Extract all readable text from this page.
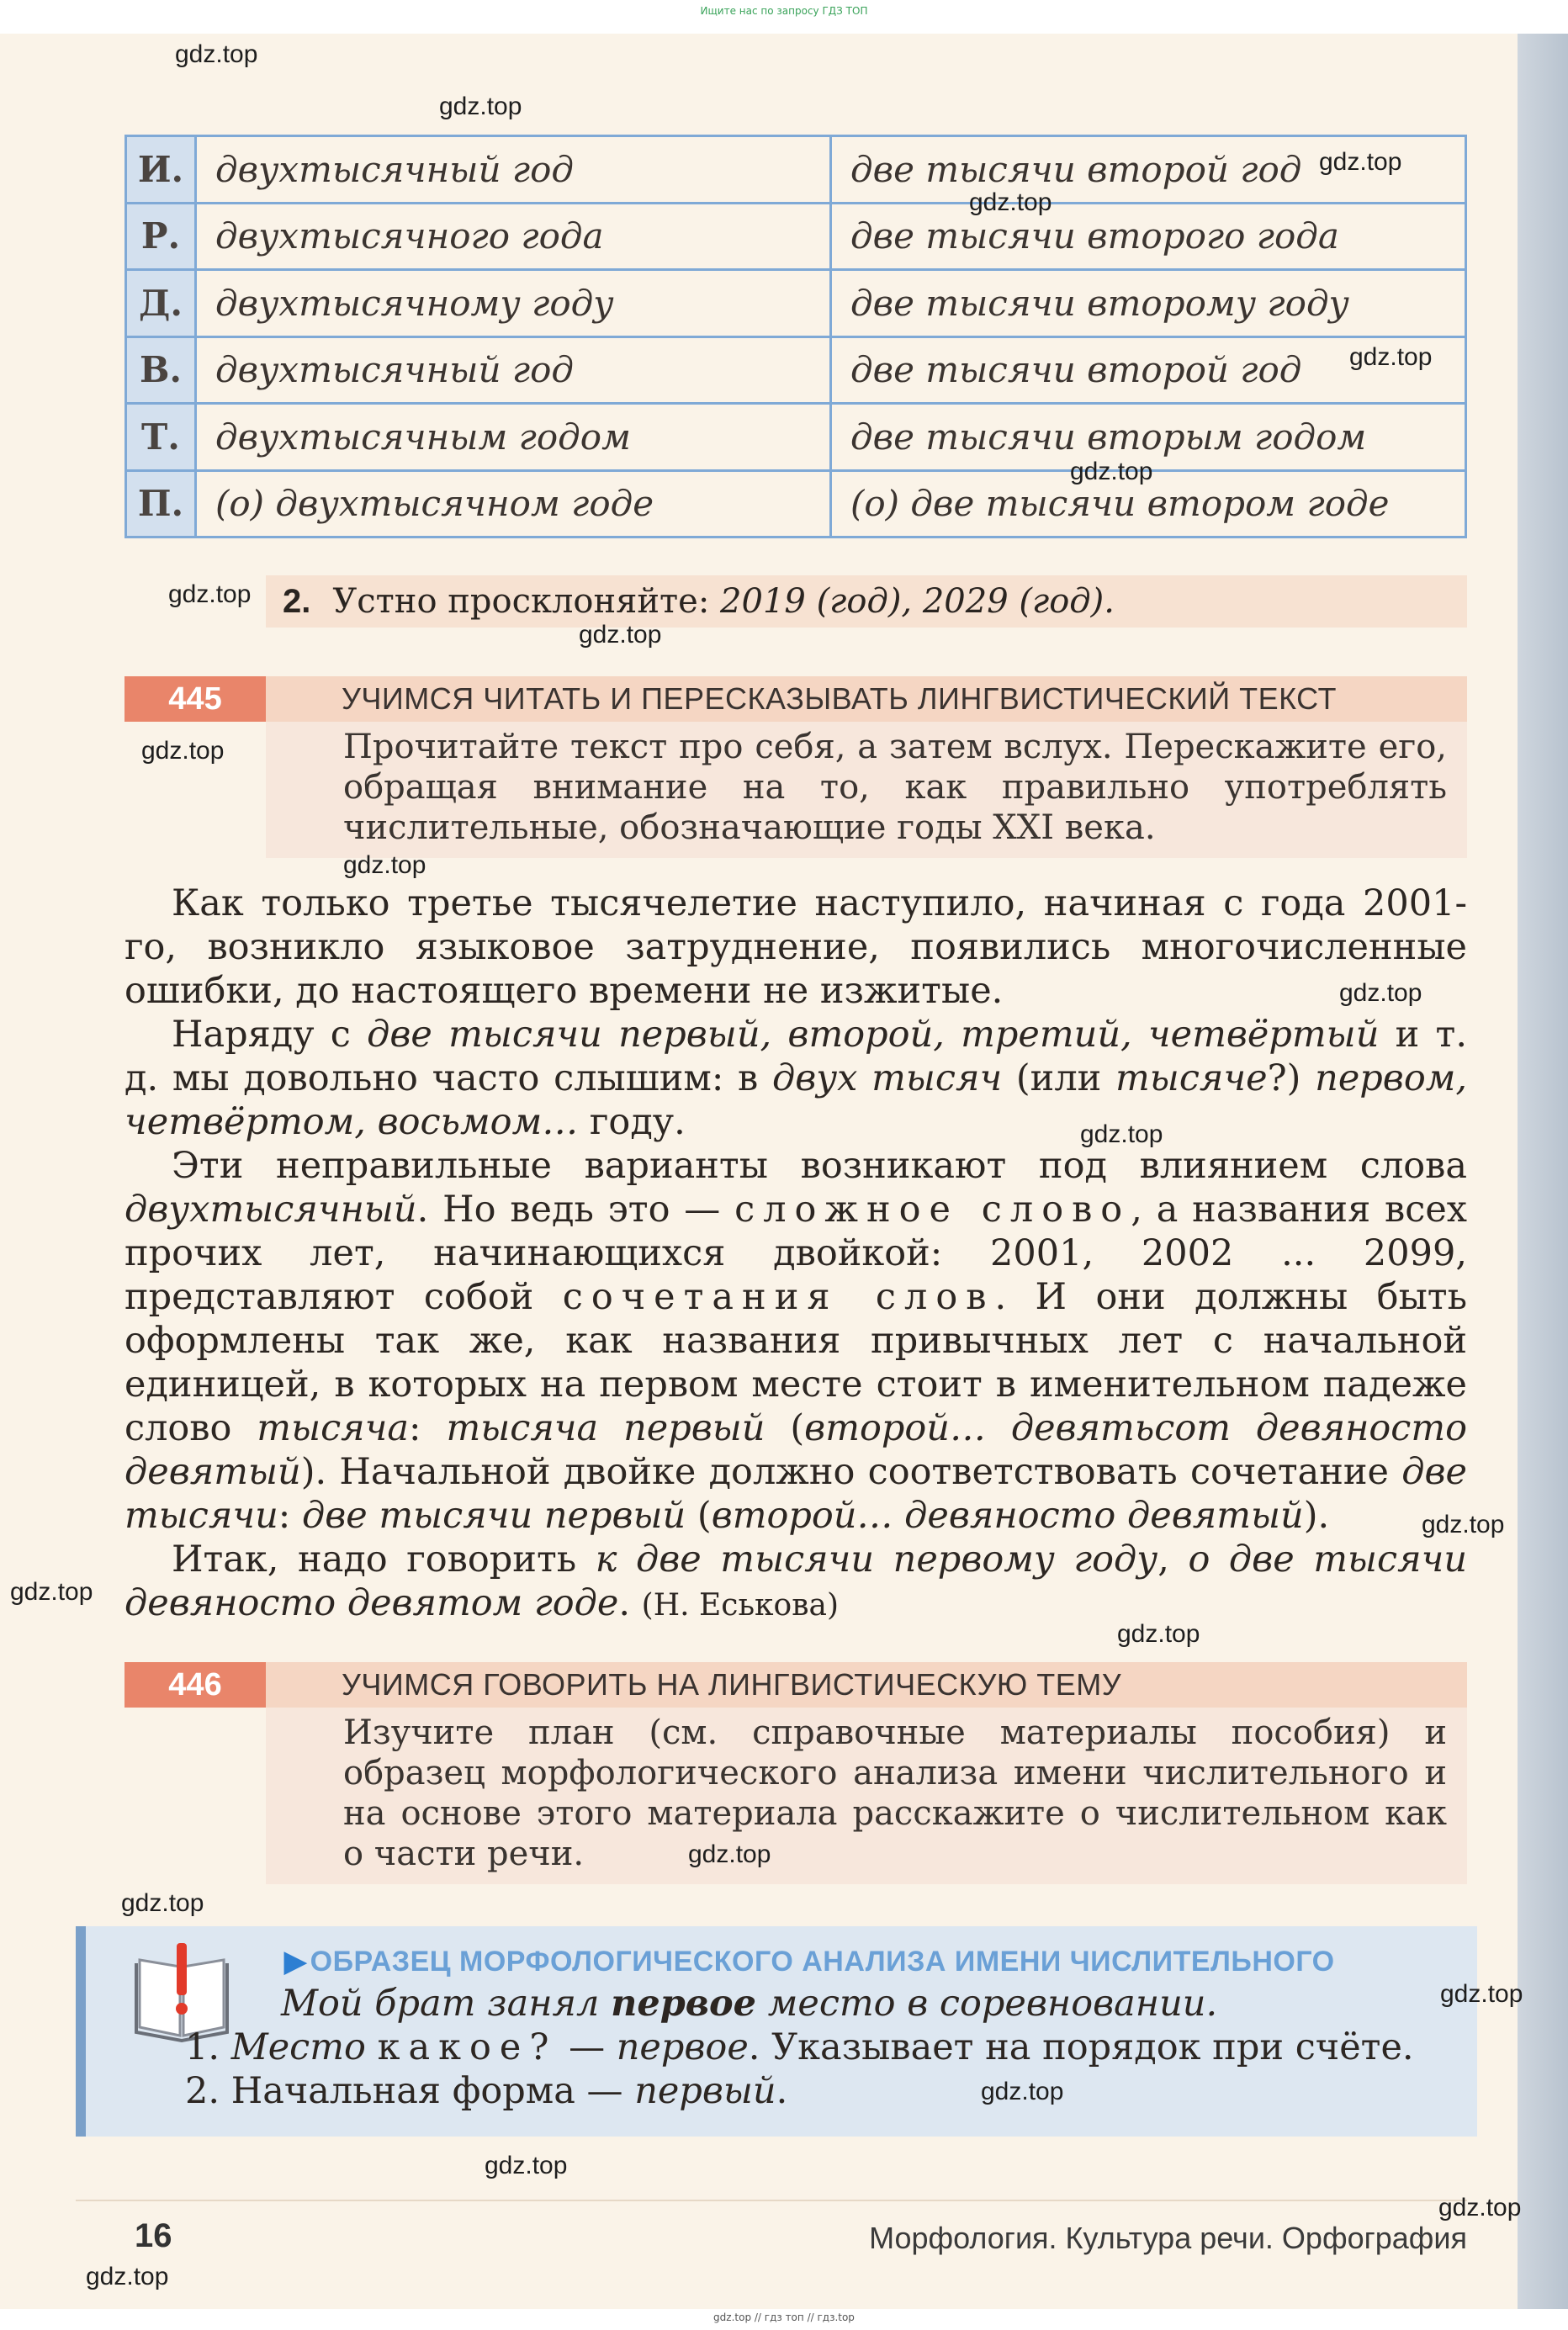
Ищите нас по запросу ГДЗ ТОП
И.	двухтысячный год	две тысячи второй год
Р.	двухтысячного года	две тысячи второго года
Д.	двухтысячному году	две тысячи второму году
В.	двухтысячный год	две тысячи второй год
Т.	двухтысячным годом	две тысячи вторым годом
П.	(о) двухтысячном годе	(о) две тысячи втором годе
2. Устно просклоняйте:
2019
(год),
2029
(год).
445	УЧИМСЯ ЧИТАТЬ И ПЕРЕСКАЗЫВАТЬ ЛИНГВИСТИЧЕСКИЙ ТЕКСТ

Прочитайте текст про себя, а затем вслух. Перескажите его, обращая внимание на то, как правильно употреблять числительные, обозначающие годы XXI века.

Как только третье тысячелетие наступило, начиная с года 2001-го, возникло языковое затруднение, появились многочисленные ошибки, до настоящего времени не изжитые.

Наряду с две тысячи первый, второй, третий, четвёртый и т. д. мы довольно часто слышим: в двух тысяч (или тысяче?) первом, четвёртом, восьмом… году.

Эти неправильные варианты возникают под влиянием слова двухтысячный. Но ведь это — сложное слово, а названия всех прочих лет, начинающихся двойкой: 2001, 2002 ... 2099, представляют собой сочетания слов. И они должны быть оформлены так же, как названия привычных лет с начальной единицей, в которых на первом месте стоит в именительном падеже слово тысяча: тысяча первый (второй… девятьсот девяносто девятый). Начальной двойке должно соответствовать сочетание две тысячи: две тысячи первый (второй… девяносто девятый).

Итак, надо говорить к две тысячи первому году, о две тысячи девяносто девятом годе. (Н. Еськова)

446	УЧИМСЯ ГОВОРИТЬ НА ЛИНГВИСТИЧЕСКУЮ ТЕМУ

Изучите план (см. справочные материалы пособия) и образец морфологического анализа имени числительного и на основе этого материала расскажите о числительном как о части речи.

▶ ОБРАЗЕЦ МОРФОЛОГИЧЕСКОГО АНАЛИЗА ИМЕНИ ЧИСЛИТЕЛЬНОГО
Мой брат занял первое место в соревновании.
1. Место какое? — первое. Указывает на порядок при счёте.
2. Начальная форма — первый.
16	Морфология. Культура речи. Орфография
gdz.top // гдз топ // гдз.top
gdz.top
gdz.top
gdz.top
gdz.top
gdz.top
gdz.top
gdz.top
gdz.top
gdz.top
gdz.top
gdz.top
gdz.top
gdz.top
gdz.top
gdz.top
gdz.top
gdz.top
gdz.top
gdz.top
gdz.top
gdz.top
gdz.top
